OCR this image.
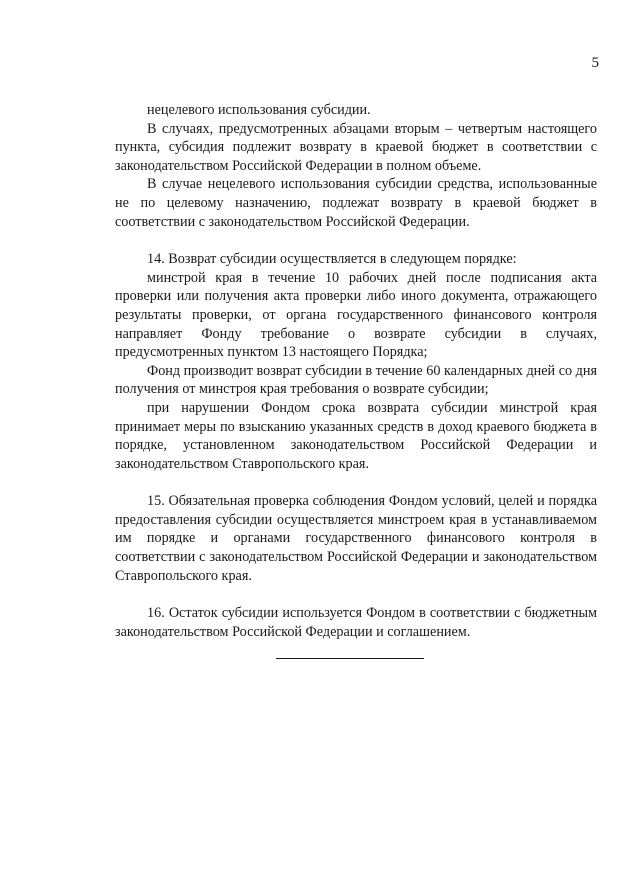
5

нецелевого использования субсидии.

В случаях, предусмотренных абзацами вторым – четвертым настоящего пункта, субсидия подлежит возврату в краевой бюджет в соответствии с законодательством Российской Федерации в полном объеме.

В случае нецелевого использования субсидии средства, использованные не по целевому назначению, подлежат возврату в краевой бюджет в соответствии с законодательством Российской Федерации.

14. Возврат субсидии осуществляется в следующем порядке:

минстрой края в течение 10 рабочих дней после подписания акта проверки или получения акта проверки либо иного документа, отражающего результаты проверки, от органа государственного финансового контроля направляет Фонду требование о возврате субсидии в случаях, предусмотренных пунктом 13 настоящего Порядка;

Фонд производит возврат субсидии в течение 60 календарных дней со дня получения от минстроя края требования о возврате субсидии;

при нарушении Фондом срока возврата субсидии минстрой края принимает меры по взысканию указанных средств в доход краевого бюджета в порядке, установленном законодательством Российской Федерации и законодательством Ставропольского края.

15. Обязательная проверка соблюдения Фондом условий, целей и порядка предоставления субсидии осуществляется минстроем края в устанавливаемом им порядке и органами государственного финансового контроля в соответствии с законодательством Российской Федерации и законодательством Ставропольского края.

16. Остаток субсидии используется Фондом в соответствии с бюджетным законодательством Российской Федерации и соглашением.
